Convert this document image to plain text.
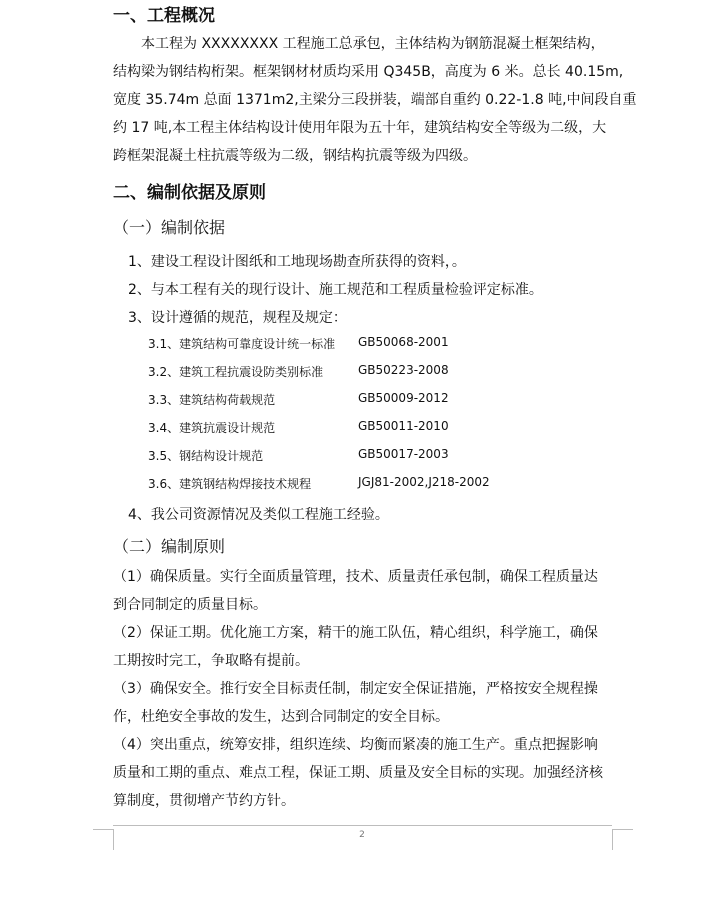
一、工程概况

　　本工程为 XXXXXXXX 工程施工总承包，主体结构为钢筋混凝土框架结构，

结构梁为钢结构桁架。框架钢材材质均采用 Q345B，高度为 6 米。总长 40.15m,

宽度 35.74m 总面 1371m2,主梁分三段拼装，端部自重约 0.22-1.8 吨,中间段自重

约 17 吨,本工程主体结构设计使用年限为五十年，建筑结构安全等级为二级，大

跨框架混凝土柱抗震等级为二级，钢结构抗震等级为四级。

二、编制依据及原则
（一）编制依据
1、建设工程设计图纸和工地现场勘查所获得的资料，。
2、与本工程有关的现行设计、施工规范和工程质量检验评定标准。
3、设计遵循的规范，规程及规定：
3.1、建筑结构可靠度设计统一标准 GB50068-2001
3.2、建筑工程抗震设防类别标准	GB50223-2008
3.3、建筑结构荷载规范	GB50009-2012
3.4、建筑抗震设计规范	GB50011-2010
3.5、钢结构设计规范	GB50017-2003
3.6、建筑钢结构焊接技术规程	JGJ81-2002,J218-2002
4、我公司资源情况及类似工程施工经验。
（二）编制原则

（1）确保质量。实行全面质量管理，技术、质量责任承包制，确保工程质量达

到合同制定的质量目标。

（2）保证工期。优化施工方案，精干的施工队伍，精心组织，科学施工，确保

工期按时完工，争取略有提前。

（3）确保安全。推行安全目标责任制，制定安全保证措施，严格按安全规程操

作，杜绝安全事故的发生，达到合同制定的安全目标。

（4）突出重点，统筹安排，组织连续、均衡而紧凑的施工生产。重点把握影响

质量和工期的重点、难点工程，保证工期、质量及安全目标的实现。加强经济核

算制度，贯彻增产节约方针。

2
